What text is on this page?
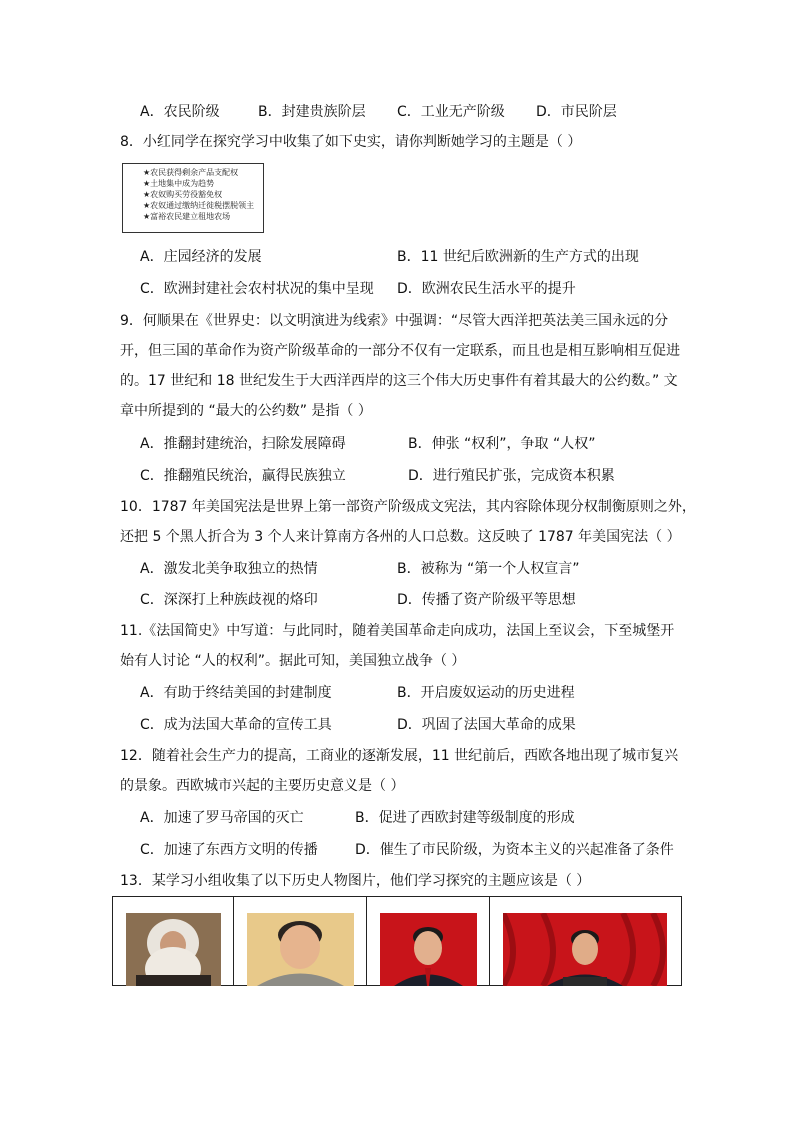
A．农民阶级	B．封建贵族阶层 C．工业无产阶级 D．市民阶层
8．小红同学在探究学习中收集了如下史实，请你判断她学习的主题是（ ）
★农民获得剩余产品支配权
★土地集中成为趋势
★农奴购买劳役豁免权
★农奴通过缴纳迁徙税摆脱领主
★富裕农民建立租地农场
A．庄园经济的发展	B．11 世纪后欧洲新的生产方式的出现
C．欧洲封建社会农村状况的集中呈现 D．欧洲农民生活水平的提升
9．何顺果在《世界史：以文明演进为线索》中强调：“尽管大西洋把英法美三国永远的分
开，但三国的革命作为资产阶级革命的一部分不仅有一定联系，而且也是相互影响相互促进
的。17 世纪和 18 世纪发生于大西洋西岸的这三个伟大历史事件有着其最大的公约数。” 文
章中所提到的 “最大的公约数” 是指（ ）
A．推翻封建统治，扫除发展障碍	B．伸张 “权利”，争取 “人权”
C．推翻殖民统治，赢得民族独立	D．进行殖民扩张，完成资本积累
10．1787 年美国宪法是世界上第一部资产阶级成文宪法，其内容除体现分权制衡原则之外，
还把 5 个黑人折合为 3 个人来计算南方各州的人口总数。这反映了 1787 年美国宪法（ ）
A．激发北美争取独立的热情	B．被称为 “第一个人权宣言”
C．深深打上种族歧视的烙印	D．传播了资产阶级平等思想
11.《法国简史》中写道：与此同时，随着美国革命走向成功，法国上至议会，下至城堡开
始有人讨论 “人的权利”。据此可知，美国独立战争（ ）
A．有助于终结美国的封建制度	B．开启废奴运动的历史进程
C．成为法国大革命的宣传工具	D．巩固了法国大革命的成果
12．随着社会生产力的提高，工商业的逐渐发展，11 世纪前后，西欧各地出现了城市复兴
的景象。西欧城市兴起的主要历史意义是（ ）
A．加速了罗马帝国的灭亡	B．促进了西欧封建等级制度的形成
C．加速了东西方文明的传播	D．催生了市民阶级，为资本主义的兴起准备了条件
13．某学习小组收集了以下历史人物图片，他们学习探究的主题应该是（ ）
